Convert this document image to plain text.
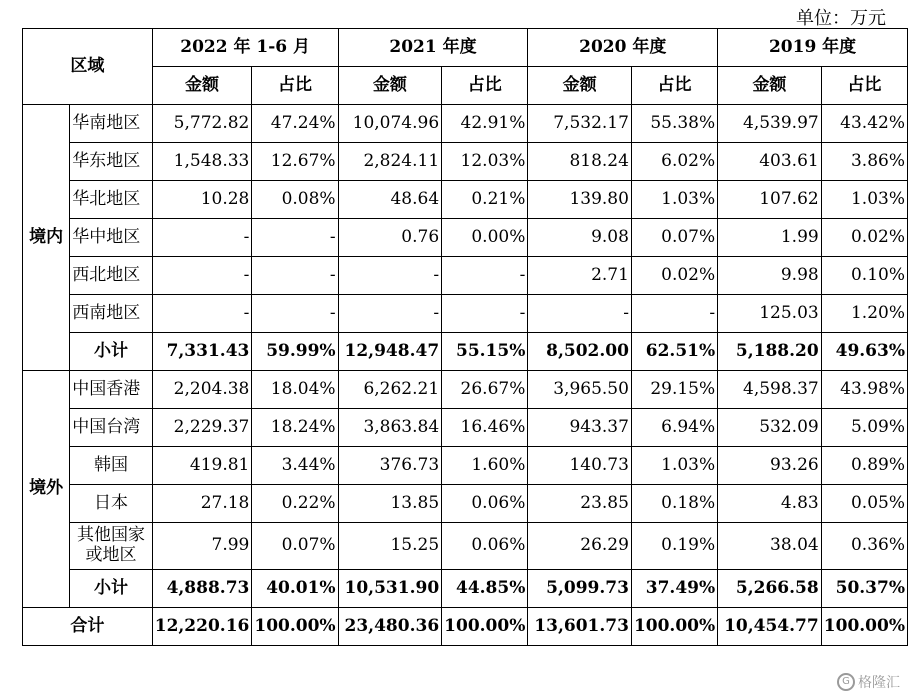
单位：万元
区域		2022 年 1-6 月		2021 年度		2020 年度		2019 年度	
		金额	占比	金额	占比	金额	占比	金额	占比
境内	华南地区	5,772.82	47.24%	10,074.96	42.91%	7,532.17	55.38%	4,539.97	43.42%
	华东地区	1,548.33	12.67%	2,824.11	12.03%	818.24	6.02%	403.61	3.86%
	华北地区	10.28	0.08%	48.64	0.21%	139.80	1.03%	107.62	1.03%
	华中地区	-	-	0.76	0.00%	9.08	0.07%	1.99	0.02%
	西北地区	-	-	-	-	2.71	0.02%	9.98	0.10%
	西南地区	-	-	-	-	-	-	125.03	1.20%
	小计	7,331.43	59.99%	12,948.47	55.15%	8,502.00	62.51%	5,188.20	49.63%
境外	中国香港	2,204.38	18.04%	6,262.21	26.67%	3,965.50	29.15%	4,598.37	43.98%
	中国台湾	2,229.37	18.24%	3,863.84	16.46%	943.37	6.94%	532.09	5.09%
	韩国	419.81	3.44%	376.73	1.60%	140.73	1.03%	93.26	0.89%
	日本	27.18	0.22%	13.85	0.06%	23.85	0.18%	4.83	0.05%
	其他国家或地区	7.99	0.07%	15.25	0.06%	26.29	0.19%	38.04	0.36%
	小计	4,888.73	40.01%	10,531.90	44.85%	5,099.73	37.49%	5,266.58	50.37%
合计		12,220.16	100.00%	23,480.36	100.00%	13,601.73	100.00%	10,454.77	100.00%
G 格隆汇
